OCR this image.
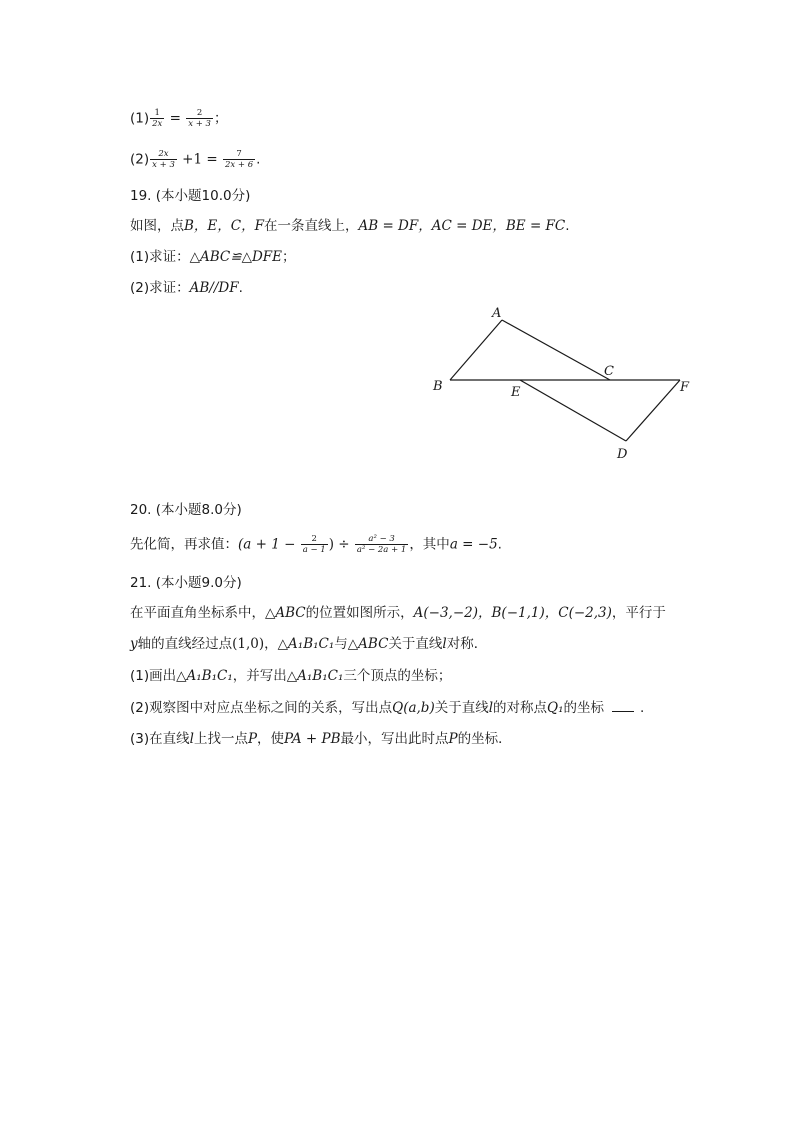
$(1) \frac{1}{2x} = \frac{2}{x + 3}$ ；
$(2) \frac{2x}{x + 3} +1 = \frac{7}{2x + 6}$ .
19. (本小题10.0分)
如图，点B，E，C，F在一条直线上，AB = DF，AC = DE，BE = FC.
(1)求证：△ABC≌△DFE；
(2)求证：AB//DF.
A
B
C
E	F
D
20. (本小题8.0分)
先化简，再求值：($a + 1 - \frac{2}{a - 1}$ ) ÷ $\frac{\text{a² − 3}}{\text{a² − 2a + 1}}$ ，其中a = −5.
21. (本小题9.0分)
在平面直角坐标系中，△ABC的位置如图所示，A(−3,−2)，B(−1,1)，C(−2,3)，平行于
y轴的直线经过点(1,0)，△A₁B₁C₁与△ABC关于直线l对称．
(1)画出△A₁B₁C₁，并写出△A₁B₁C₁三个顶点的坐标；
(2)观察图中对应点坐标之间的关系，写出点Q(a,b)关于直线l的对称点Q₁的坐标	.
(3)在直线l上找一点P，使PA + PB最小，写出此时点P的坐标．
